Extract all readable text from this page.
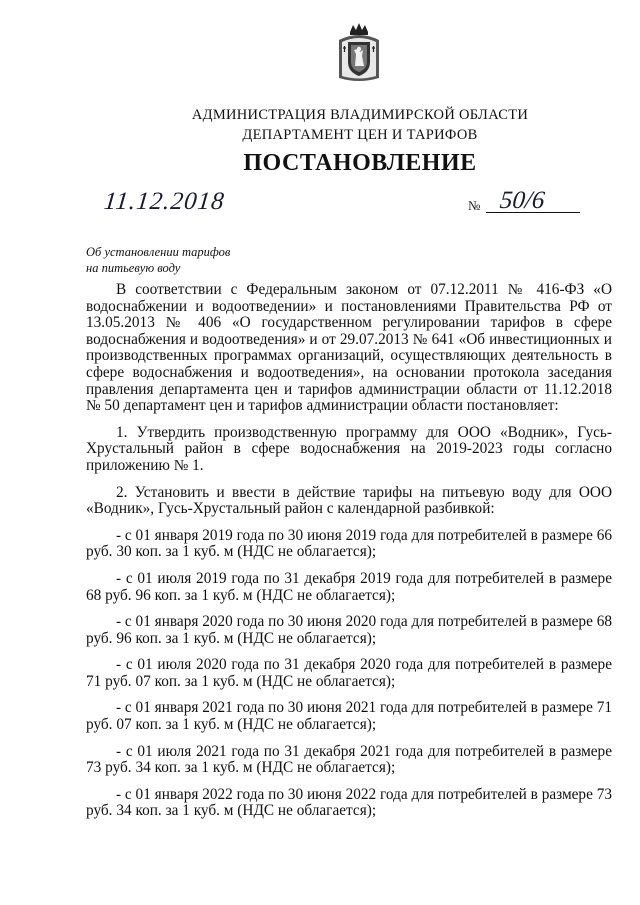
АДМИНИСТРАЦИЯ ВЛАДИМИРСКОЙ ОБЛАСТИ
ДЕПАРТАМЕНТ ЦЕН И ТАРИФОВ
ПОСТАНОВЛЕНИЕ
11.12.2018	№ 50/6
Об установлении тарифов
на питьевую воду

В соответствии с Федеральным законом от 07.12.2011 № 416-ФЗ «О водоснабжении и водоотведении» и постановлениями Правительства РФ от 13.05.2013 № 406 «О государственном регулировании тарифов в сфере водоснабжения и водоотведения» и от 29.07.2013 № 641 «Об инвестиционных и производственных программах организаций, осуществляющих деятельность в сфере водоснабжения и водоотведения», на основании протокола заседания правления департамента цен и тарифов администрации области от 11.12.2018 № 50 департамент цен и тарифов администрации области постановляет:

1. Утвердить производственную программу для ООО «Водник», Гусь-Хрустальный район в сфере водоснабжения на 2019-2023 годы согласно приложению № 1.

2. Установить и ввести в действие тарифы на питьевую воду для ООО «Водник», Гусь-Хрустальный район с календарной разбивкой:

- с 01 января 2019 года по 30 июня 2019 года для потребителей в размере 66 руб. 30 коп. за 1 куб. м (НДС не облагается);

- с 01 июля 2019 года по 31 декабря 2019 года для потребителей в размере 68 руб. 96 коп. за 1 куб. м (НДС не облагается);

- с 01 января 2020 года по 30 июня 2020 года для потребителей в размере 68 руб. 96 коп. за 1 куб. м (НДС не облагается);

- с 01 июля 2020 года по 31 декабря 2020 года для потребителей в размере 71 руб. 07 коп. за 1 куб. м (НДС не облагается);

- с 01 января 2021 года по 30 июня 2021 года для потребителей в размере 71 руб. 07 коп. за 1 куб. м (НДС не облагается);

- с 01 июля 2021 года по 31 декабря 2021 года для потребителей в размере 73 руб. 34 коп. за 1 куб. м (НДС не облагается);

- с 01 января 2022 года по 30 июня 2022 года для потребителей в размере 73 руб. 34 коп. за 1 куб. м (НДС не облагается);
